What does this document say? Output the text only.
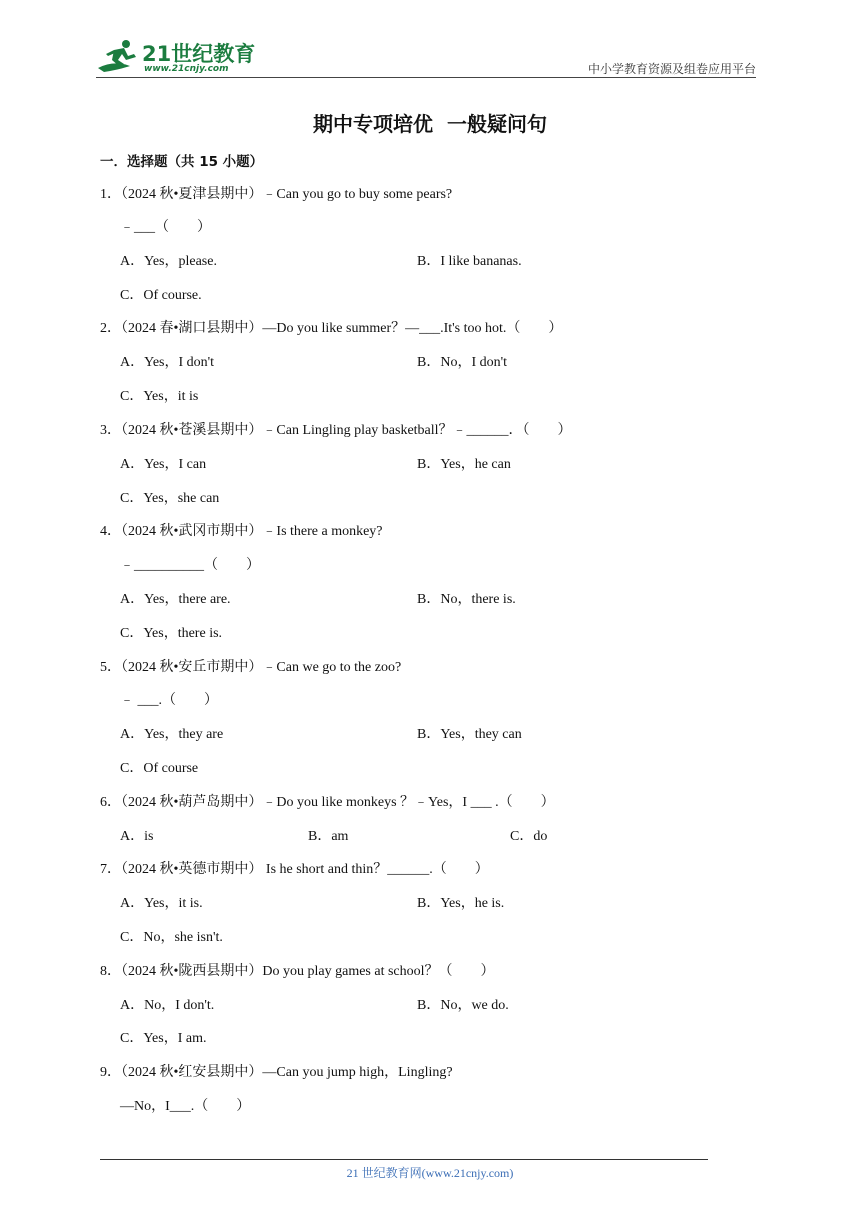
21世纪教育
www.21cnjy.com	中小学教育资源及组卷应用平台
期中专项培优  一般疑问句
一．选择题（共 15 小题）
1．（2024 秋•夏津县期中）﹣Can you go to buy some pears?
﹣___（　　）
A．Yes，please.	B．I like bananas.
C．Of course.
2．（2024 春•湖口县期中）—Do you like summer？—___.It's too hot.（　　）
A．Yes，I don't	B．No，I don't
C．Yes，it is
3．（2024 秋•苍溪县期中）﹣Can Lingling play basketball？﹣______．（　　）
A．Yes，I can	B．Yes，he can
C．Yes，she can
4．（2024 秋•武冈市期中）﹣Is there a monkey?
﹣__________（　　）
A．Yes，there are.	B．No，there is.
C．Yes，there is.
5．（2024 秋•安丘市期中）﹣Can we go to the zoo?
﹣ ___.（　　）
A．Yes，they are	B．Yes，they can
C．Of course
6．（2024 秋•葫芦岛期中）﹣Do you like monkeys ？﹣Yes，I ___ .（　　）
A．is	B．am	C．do
7．（2024 秋•英德市期中） Is he short and thin？______.（　　）
A．Yes，it is.	B．Yes，he is.
C．No，she isn't.
8．（2024 秋•陇西县期中）Do you play games at school？（　　）
A．No，I don't.	B．No，we do.
C．Yes，I am.
9．（2024 秋•红安县期中）—Can you jump high，Lingling?
—No，I___.（　　）
21 世纪教育网(www.21cnjy.com)
